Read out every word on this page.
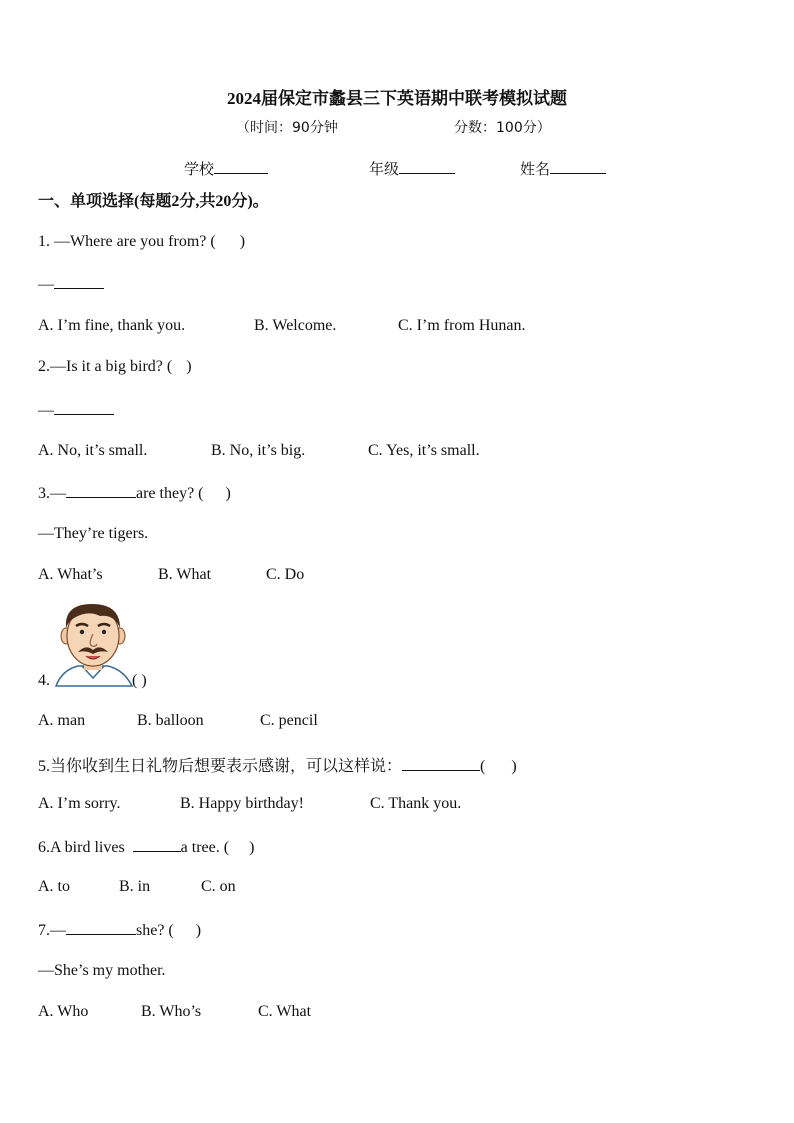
2024届保定市蠡县三下英语期中联考模拟试题
（时间：90分钟	分数：100分）
学校	年级	姓名
一、单项选择(每题2分,共20分)。
1. —Where are you from? ( )
—
A. I’m fine, thank you.	B. Welcome.	C. I’m from Hunan.
2.—Is it a big bird? ( )
—
A. No, it’s small.	B. No, it’s big.	C. Yes, it’s small.
3.—	are they? ( )
—They’re tigers.
A. What’s	B. What	C. Do
4.	( )
A. man	B. balloon	C. pencil
5.当你收到生日礼物后想要表示感谢，可以这样说：	( )
A. I’m sorry.	B. Happy birthday!	C. Thank you.
6.A bird lives	a tree. ( )
A. to	B. in	C. on
7.—	she? ( )
—She’s my mother.
A. Who	B. Who’s	C. What
